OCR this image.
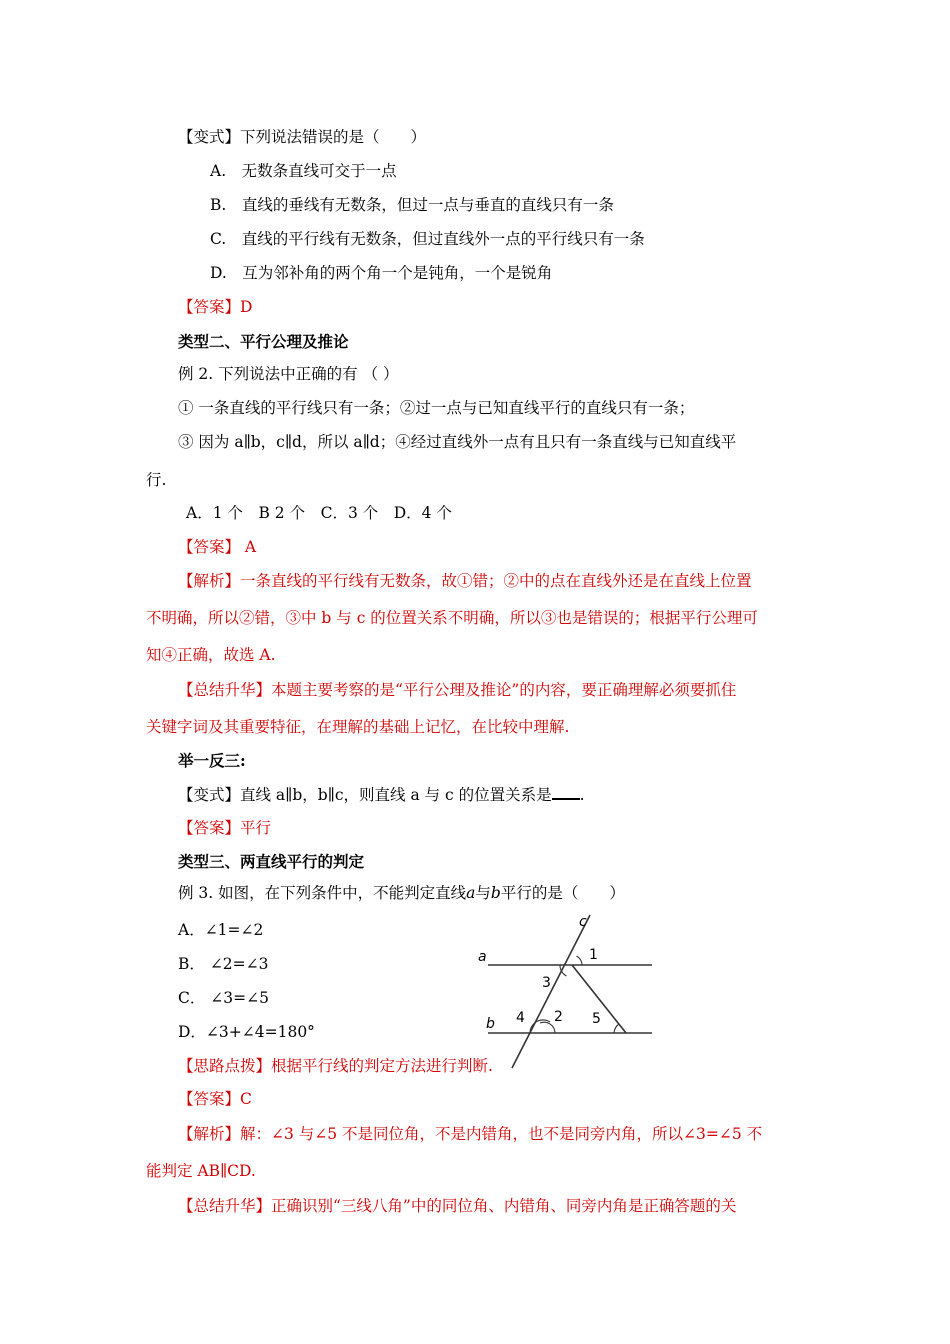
【变式】下列说法错误的是（　　）
A.　无数条直线可交于一点
B.　直线的垂线有无数条，但过一点与垂直的直线只有一条
C.　直线的平行线有无数条，但过直线外一点的平行线只有一条
D.　互为邻补角的两个角一个是钝角，一个是锐角
【答案】D
类型二、平行公理及推论
例 2. 下列说法中正确的有 （ ）
① 一条直线的平行线只有一条；②过一点与已知直线平行的直线只有一条；
③ 因为 a∥b，c∥d，所以 a∥d；④经过直线外一点有且只有一条直线与已知直线平
行.
A．1 个　B 2 个　C．3 个　D．4 个
【答案】 A
【解析】一条直线的平行线有无数条，故①错；②中的点在直线外还是在直线上位置
不明确，所以②错，③中 b 与 c 的位置关系不明确，所以③也是错误的；根据平行公理可
知④正确，故选 A.
【总结升华】本题主要考察的是“平行公理及推论”的内容，要正确理解必须要抓住
关键字词及其重要特征，在理解的基础上记忆，在比较中理解.
举一反三:
【变式】直线 a∥b，b∥c，则直线 a 与 c 的位置关系是 .
【答案】平行
类型三、两直线平行的判定
例 3. 如图，在下列条件中，不能判定直线a与b平行的是（　　）
A．∠1=∠2
B． ∠2=∠3
C． ∠3=∠5
D．∠3+∠4=180°
a
b
c
1
2
3
4	5
【思路点拨】根据平行线的判定方法进行判断.
【答案】C
【解析】解：∠3 与∠5 不是同位角，不是内错角，也不是同旁内角，所以∠3=∠5 不
能判定 AB∥CD.
【总结升华】正确识别“三线八角”中的同位角、内错角、同旁内角是正确答题的关
